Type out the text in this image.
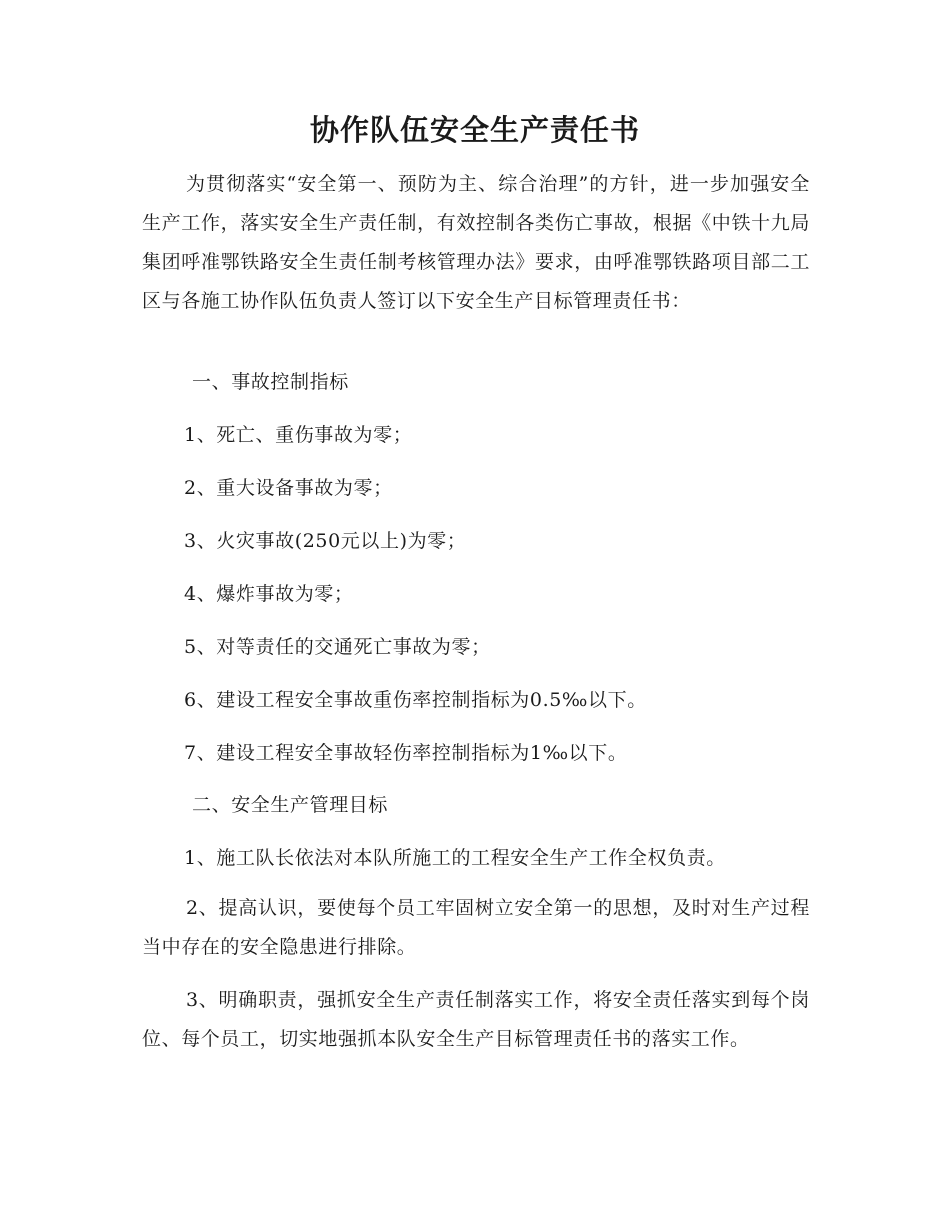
协作队伍安全生产责任书

为贯彻落实“安全第一、预防为主、综合治理”的方针，进一步加强安全生产工作，落实安全生产责任制，有效控制各类伤亡事故，根据《中铁十九局集团呼准鄂铁路安全生责任制考核管理办法》要求，由呼准鄂铁路项目部二工区与各施工协作队伍负责人签订以下安全生产目标管理责任书：

一、事故控制指标

1、死亡、重伤事故为零；

2、重大设备事故为零；

3、火灾事故(250元以上)为零；

4、爆炸事故为零；

5、对等责任的交通死亡事故为零；

6、建设工程安全事故重伤率控制指标为0.5‰以下。

7、建设工程安全事故轻伤率控制指标为1‰以下。

二、安全生产管理目标

1、施工队长依法对本队所施工的工程安全生产工作全权负责。

2、提高认识，要使每个员工牢固树立安全第一的思想，及时对生产过程当中存在的安全隐患进行排除。

3、明确职责，强抓安全生产责任制落实工作，将安全责任落实到每个岗位、每个员工，切实地强抓本队安全生产目标管理责任书的落实工作。
